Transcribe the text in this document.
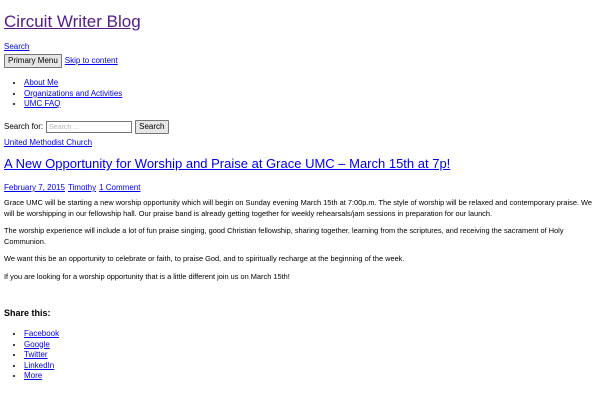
Circuit Writer Blog
Search
Primary Menu Skip to content
• About Me
• Organizations and Activities
• UMC FAQ
Search for:
Search ...	Search
United Methodist Church
A New Opportunity for Worship and Praise at Grace UMC – March 15th at 7p!
February 7, 2015 Timothy 1 Comment

Grace UMC will be starting a new worship opportunity which will begin on Sunday evening March 15th at 7:00p.m. The style of worship will be relaxed and contemporary praise. We will be worshipping in our fellowship hall. Our praise band is already getting together for weekly rehearsals/jam sessions in preparation for our launch.

The worship experience will include a lot of fun praise singing, good Christian fellowship, sharing together, learning from the scriptures, and receiving the sacrament of Holy Communion.

We want this be an opportunity to celebrate or faith, to praise God, and to spiritually recharge at the beginning of the week.

If you are looking for a worship opportunity that is a little different join us on March 15th!

Share this:
• Facebook
• Google
• Twitter
• LinkedIn
• More
